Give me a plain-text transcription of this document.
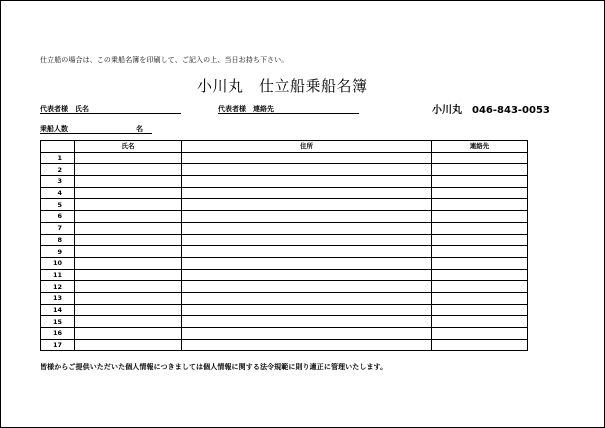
仕立船の場合は、この乗船名簿を印刷して、ご記入の上、当日お持ち下さい。
小川丸　仕立船乗船名簿
代表者様　氏名	代表者様　連絡先	小川丸　046-843-0053
乗船人数	名
	氏名	住所	連絡先
1			
2			
3			
4			
5			
6			
7			
8			
9			
10			
11			
12			
13			
14			
15			
16			
17			
皆様からご提供いただいた個人情報につきましては個人情報に関する法令規範に則り適正に管理いたします。
